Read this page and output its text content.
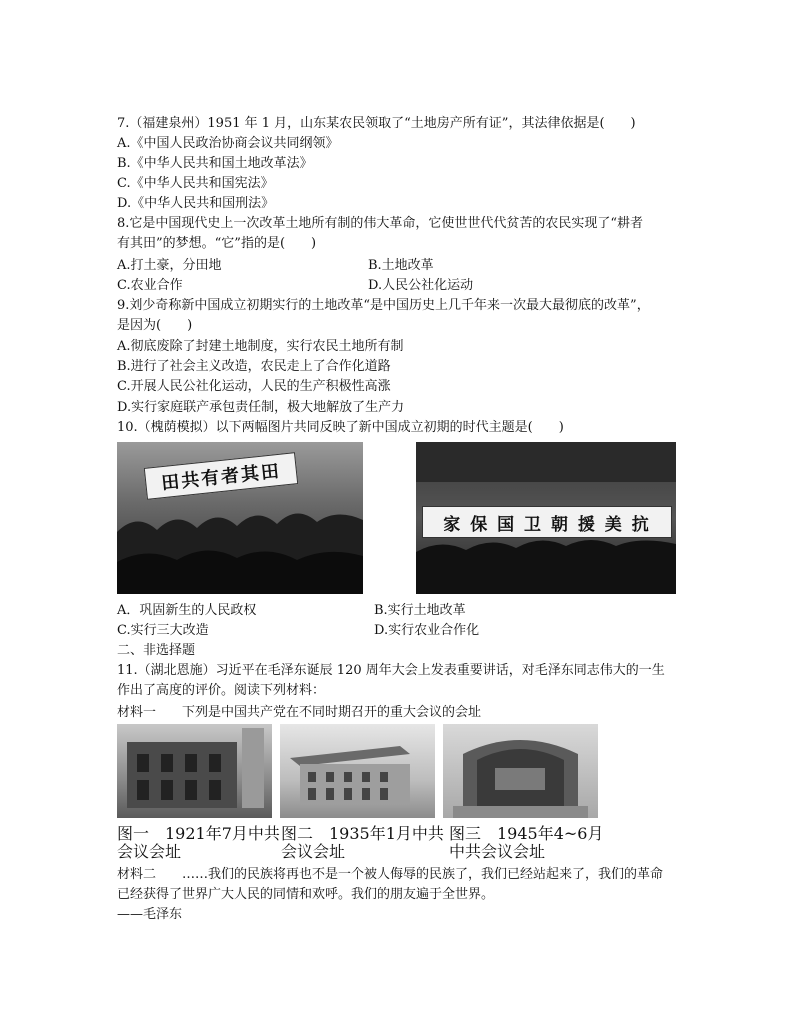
7.（福建泉州）1951 年 1 月，山东某农民领取了“土地房产所有证”，其法律依据是(　　)
A.《中国人民政治协商会议共同纲领》
B.《中华人民共和国土地改革法》
C.《中华人民共和国宪法》
D.《中华人民共和国刑法》
8.它是中国现代史上一次改革土地所有制的伟大革命，它使世世代代贫苦的农民实现了“耕者
有其田”的梦想。“它”指的是(　　)
A.打土豪，分田地	B.土地改革
C.农业合作	D.人民公社化运动
9.刘少奇称新中国成立初期实行的土地改革“是中国历史上几千年来一次最大最彻底的改革”，
是因为(　　)
A.彻底废除了封建土地制度，实行农民土地所有制
B.进行了社会主义改造，农民走上了合作化道路
C.开展人民公社化运动，人民的生产积极性高涨
D.实行家庭联产承包责任制，极大地解放了生产力
10.（槐荫模拟）以下两幅图片共同反映了新中国成立初期的时代主题是(　　)
田共有者其田
家 保 国 卫 朝 援 美 抗
A．巩固新生的人民政权	B.实行土地改革
C.实行三大改造	D.实行农业合作化
二、非选择题
11.（湖北恩施）习近平在毛泽东诞辰 120 周年大会上发表重要讲话，对毛泽东同志伟大的一生
作出了高度的评价。阅读下列材料：
材料一　　下列是中国共产党在不同时期召开的重大会议的会址
图一　1921年7月中共
会议会址
图二　1935年1月中共
会议会址
图三　1945年4~6月
中共会议会址
材料二　　……我们的民族将再也不是一个被人侮辱的民族了，我们已经站起来了，我们的革命
已经获得了世界广大人民的同情和欢呼。我们的朋友遍于全世界。
——毛泽东
